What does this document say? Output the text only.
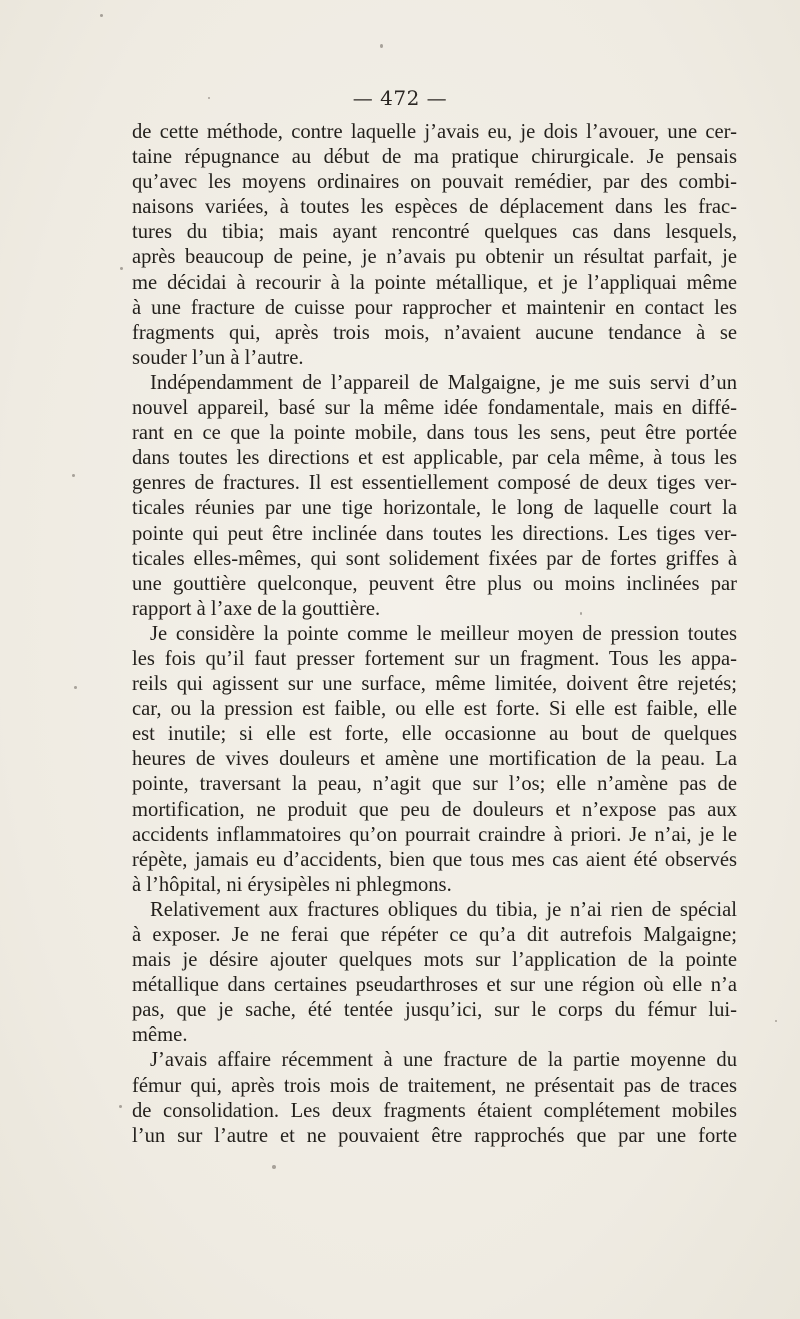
— 472 —
de cette méthode, contre laquelle j’avais eu, je dois l’avouer, une cer-
taine répugnance au début de ma pratique chirurgicale. Je pensais
qu’avec les moyens ordinaires on pouvait remédier, par des combi-
naisons variées, à toutes les espèces de déplacement dans les frac-
tures du tibia; mais ayant rencontré quelques cas dans lesquels,
après beaucoup de peine, je n’avais pu obtenir un résultat parfait, je
me décidai à recourir à la pointe métallique, et je l’appliquai même
à une fracture de cuisse pour rapprocher et maintenir en contact les
fragments qui, après trois mois, n’avaient aucune tendance à se
souder l’un à l’autre.
Indépendamment de l’appareil de Malgaigne, je me suis servi d’un
nouvel appareil, basé sur la même idée fondamentale, mais en diffé-
rant en ce que la pointe mobile, dans tous les sens, peut être portée
dans toutes les directions et est applicable, par cela même, à tous les
genres de fractures. Il est essentiellement composé de deux tiges ver-
ticales réunies par une tige horizontale, le long de laquelle court la
pointe qui peut être inclinée dans toutes les directions. Les tiges ver-
ticales elles-mêmes, qui sont solidement fixées par de fortes griffes à
une gouttière quelconque, peuvent être plus ou moins inclinées par
rapport à l’axe de la gouttière.
Je considère la pointe comme le meilleur moyen de pression toutes
les fois qu’il faut presser fortement sur un fragment. Tous les appa-
reils qui agissent sur une surface, même limitée, doivent être rejetés;
car, ou la pression est faible, ou elle est forte. Si elle est faible, elle
est inutile; si elle est forte, elle occasionne au bout de quelques
heures de vives douleurs et amène une mortification de la peau. La
pointe, traversant la peau, n’agit que sur l’os; elle n’amène pas de
mortification, ne produit que peu de douleurs et n’expose pas aux
accidents inflammatoires qu’on pourrait craindre à priori. Je n’ai, je le
répète, jamais eu d’accidents, bien que tous mes cas aient été observés
à l’hôpital, ni érysipèles ni phlegmons.
Relativement aux fractures obliques du tibia, je n’ai rien de spécial
à exposer. Je ne ferai que répéter ce qu’a dit autrefois Malgaigne;
mais je désire ajouter quelques mots sur l’application de la pointe
métallique dans certaines pseudarthroses et sur une région où elle n’a
pas, que je sache, été tentée jusqu’ici, sur le corps du fémur lui-
même.
J’avais affaire récemment à une fracture de la partie moyenne du
fémur qui, après trois mois de traitement, ne présentait pas de traces
de consolidation. Les deux fragments étaient complétement mobiles
l’un sur l’autre et ne pouvaient être rapprochés que par une forte
